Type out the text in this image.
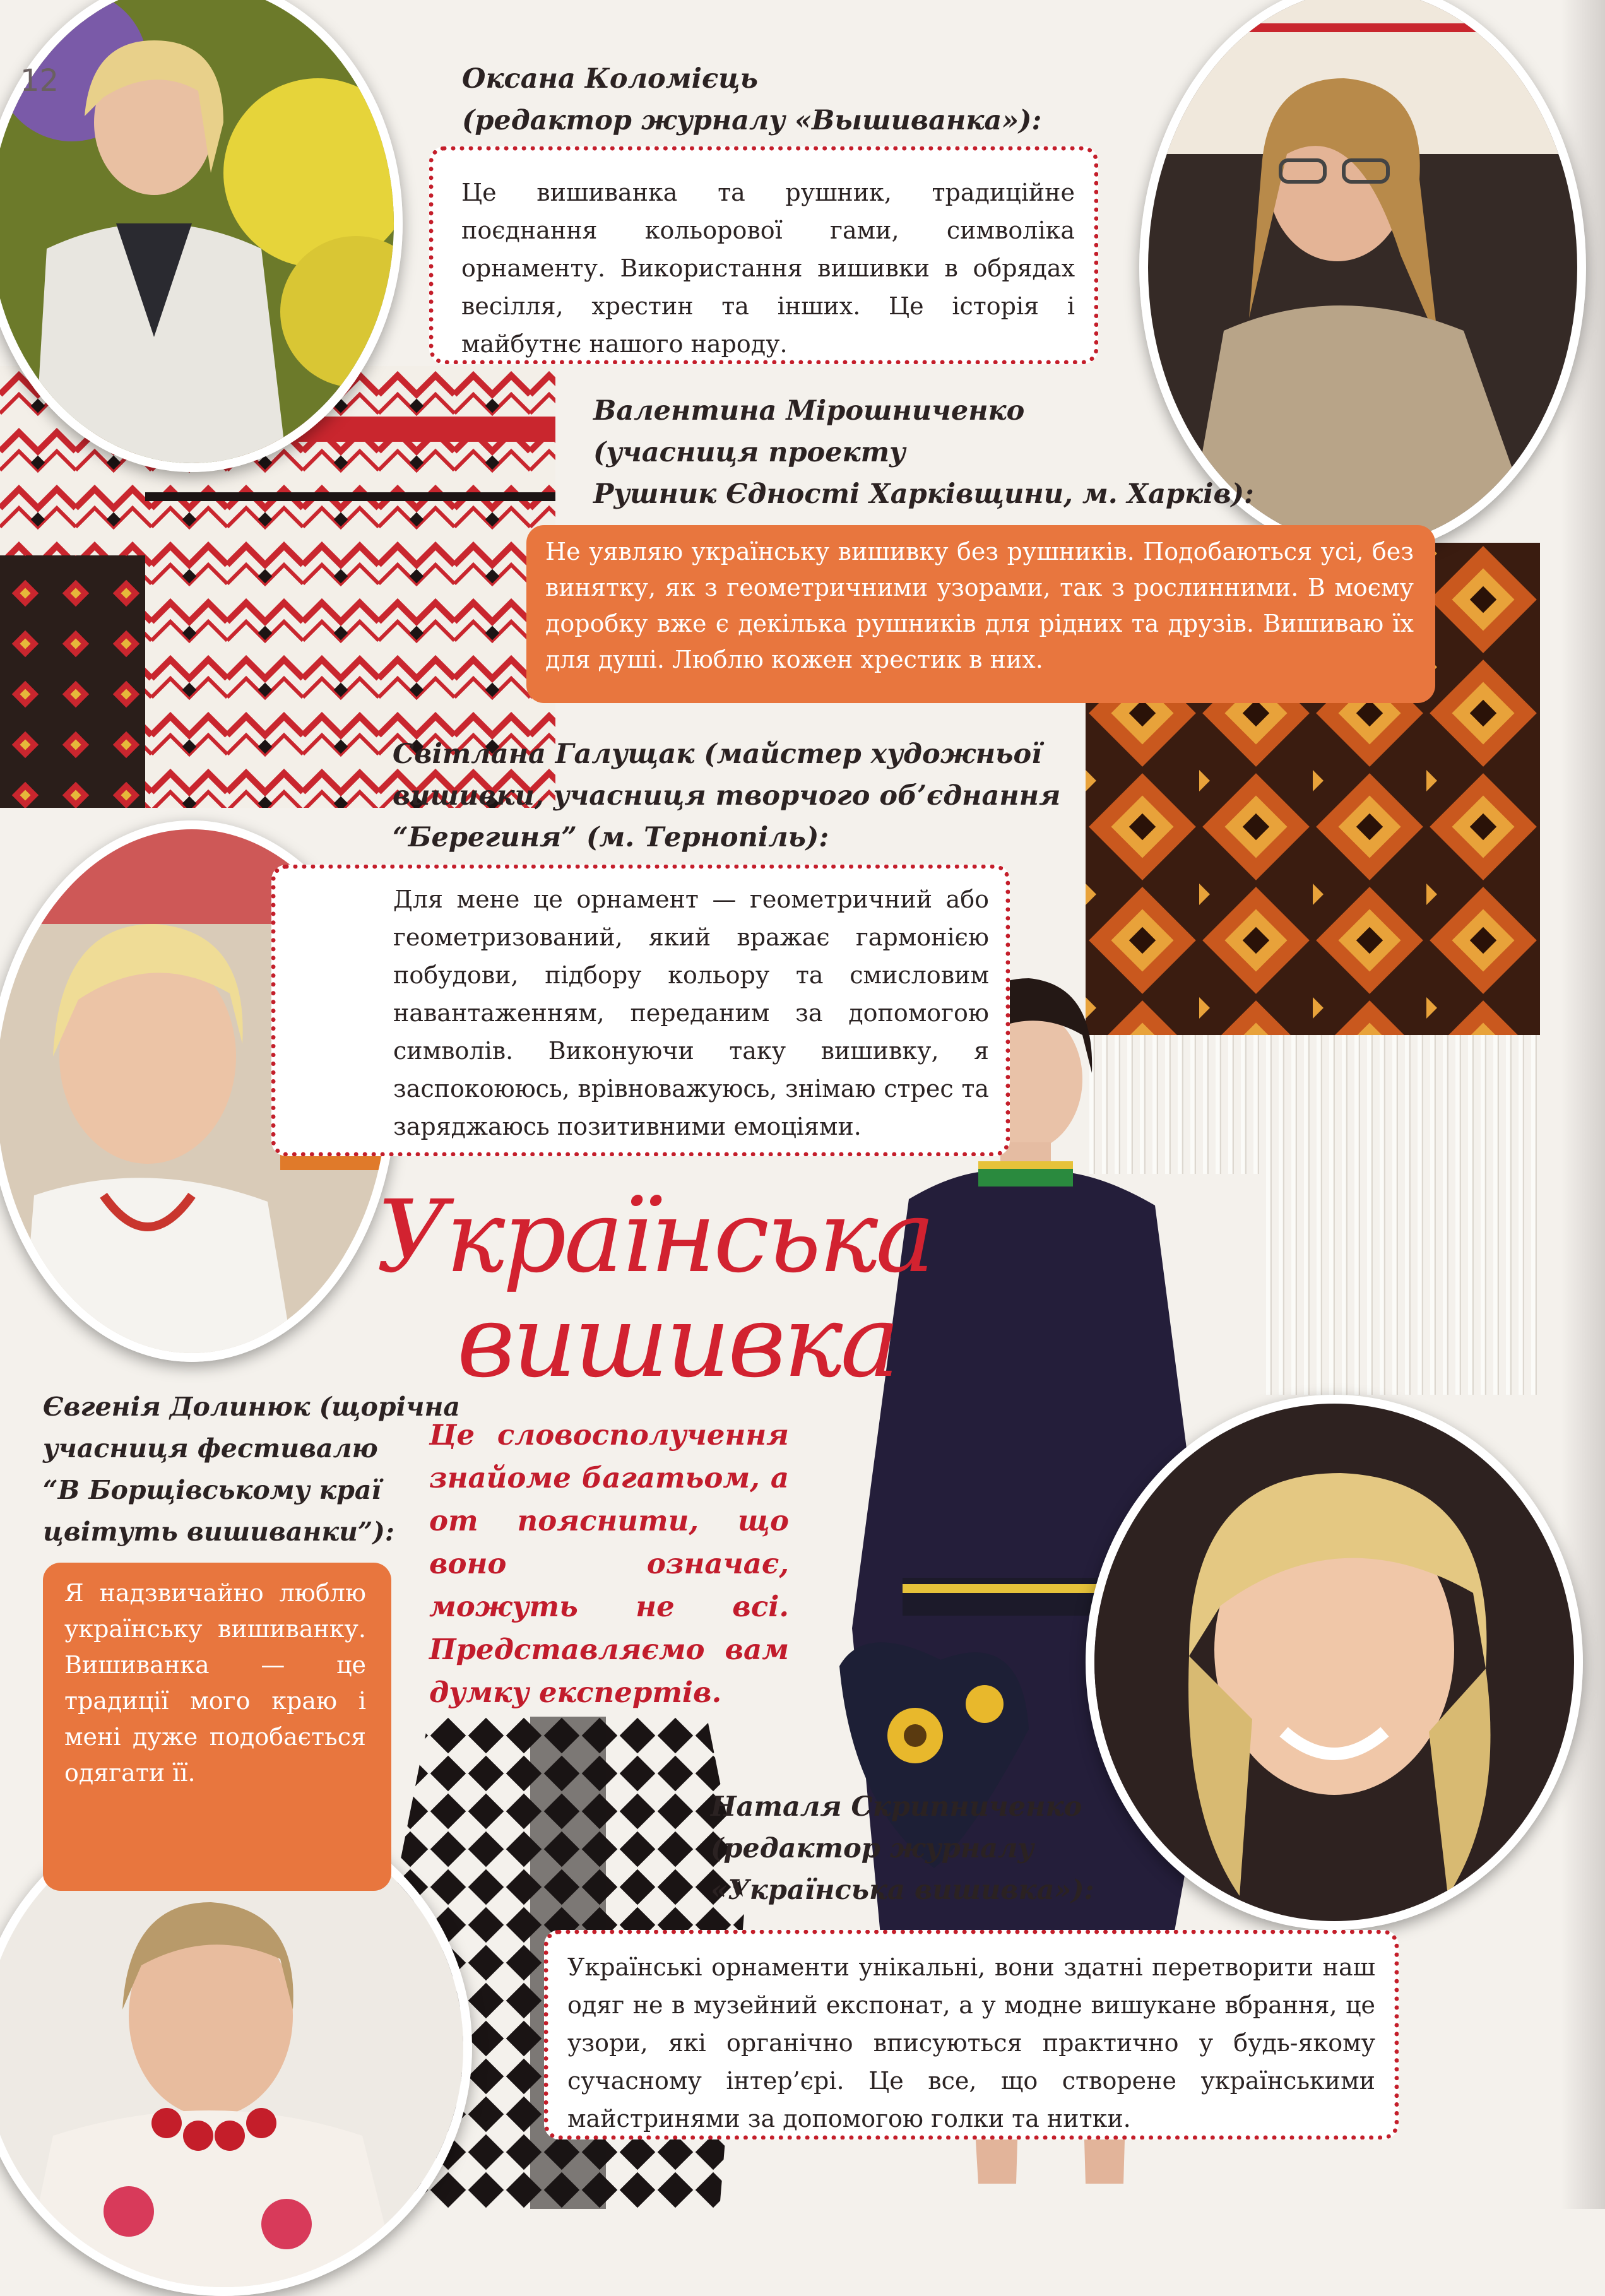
12	Оксана Коломієць
(редактор журналу «Вышиванка»):
Це вишиванка та рушник, традиційне поєднання кольорової гами, символіка орнаменту. Використання вишивки в обрядах весілля, хрестин та інших. Це історія і майбутнє нашого народу.
Валентина Мірошниченко
(учасниця проекту
Рушник Єдності Харківщини, м. Харків):
Не уявляю українську вишивку без рушників. Подобаються усі, без винятку, як з геометричними узорами, так з рослинними. В моєму доробку вже є декілька рушників для рідних та друзів. Вишиваю їх для душі. Люблю кожен хрестик в них.
Світлана Галущак (майстер художньої
вишивки, учасниця творчого об’єднання
“Берегиня” (м. Тернопіль):
Для мене це орнамент — геометричний або геометризований, який вражає гармонією побудови, підбору кольору та смисловим навантаженням, переданим за допомогою символів. Виконуючи таку вишивку, я заспокоююсь, врівноважуюсь, знімаю стрес та заряджаюсь позитивними емоціями.
Українська
вишивка
Це словосполучення знайоме багатьом, а от пояснити, що воно означає, можуть не всі. Представляємо вам думку експертів.
Євгенія Долинюк (щорічна
учасниця фестивалю
“В Борщівському краї
цвітуть вишиванки”):
Я надзвичайно люблю українську вишиванку. Вишиванка — це традиції мого краю і мені дуже подобається одягати її.
Наталя Скрипниченко
(редактор журналу
«Українська вишивка»):
Українські орнаменти унікальні, вони здатні перетворити наш одяг не в музейний експонат, а у модне вишукане вбрання, це узори, які органічно вписуються практично у будь-якому сучасному інтер’єрі. Це все, що створене українськими майстринями за допомогою голки та нитки.
